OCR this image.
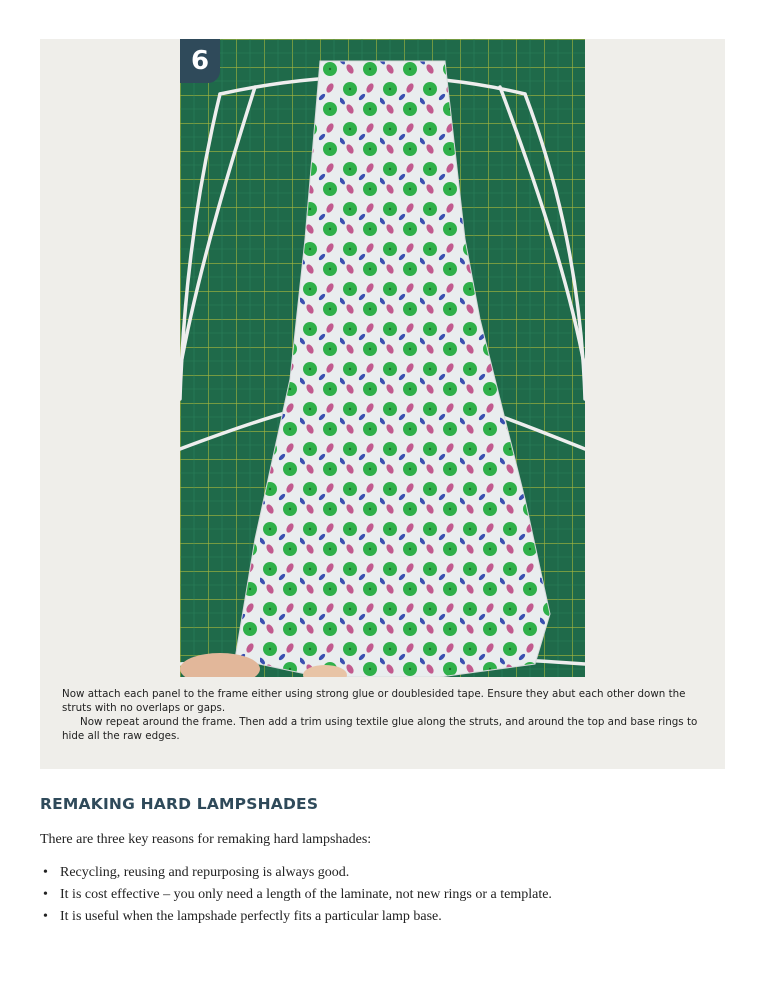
6

Now attach each panel to the frame either using strong glue or doublesided tape. Ensure they abut each other down the struts with no overlaps or gaps.

Now repeat around the frame. Then add a trim using textile glue along the struts, and around the top and base rings to hide all the raw edges.

REMAKING HARD LAMPSHADES
There are three key reasons for remaking hard lampshades:
• Recycling, reusing and repurposing is always good.
• It is cost effective – you only need a length of the laminate, not new rings or a template.
• It is useful when the lampshade perfectly fits a particular lamp base.
